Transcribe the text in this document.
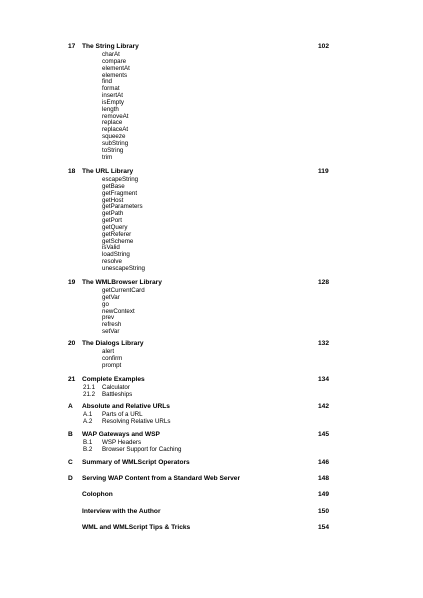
17 The String Library	102
charAt
compare
elementAt
elements
find
format
insertAt
isEmpty
length
removeAt
replace
replaceAt
squeeze
subString
toString
trim
18 The URL Library	119
escapeString
getBase
getFragment
getHost
getParameters
getPath
getPort
getQuery
getReferer
getScheme
isValid
loadString
resolve
unescapeString
19 The WMLBrowser Library	128
getCurrentCard
getVar
go
newContext
prev
refresh
setVar
20 The Dialogs Library	132
alert
confirm
prompt
21 Complete Examples	134
21.1 Calculator
21.2 Battleships
A Absolute and Relative URLs	142
A.1 Parts of a URL
A.2 Resolving Relative URLs
B WAP Gateways and WSP	145
B.1 WSP Headers
B.2 Browser Support for Caching
C Summary of WMLScript Operators	146
D Serving WAP Content from a Standard Web Server	148
Colophon	149
Interview with the Author	150
WML and WMLScript Tips & Tricks	154
